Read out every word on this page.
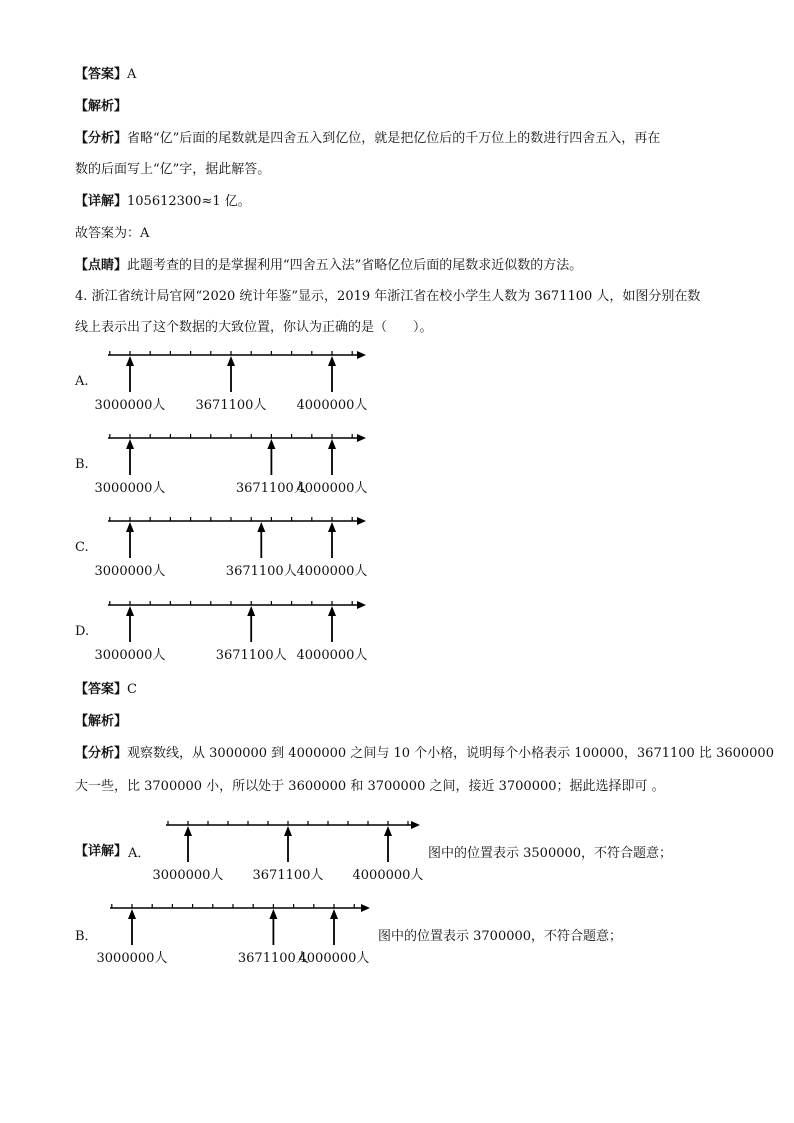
【答案】A
【解析】
【分析】省略“亿”后面的尾数就是四舍五入到亿位，就是把亿位后的千万位上的数进行四舍五入，再在
数的后面写上“亿”字，据此解答。
【详解】105612300≈1 亿。
故答案为：A
【点睛】此题考查的目的是掌握利用“四舍五入法”省略亿位后面的尾数求近似数的方法。
4. 浙江省统计局官网“2020 统计年鉴”显示，2019 年浙江省在校小学生人数为 3671100 人，如图分别在数
线上表示出了这个数据的大致位置，你认为正确的是（　　）。
A.
3000000人 3671100人 4000000人
B.
3000000人	3671100人
4000000人
C.
3000000人	3671100人 4000000人
D.
3000000人	3671100人 4000000人
【答案】C
【解析】
【分析】观察数线，从 3000000 到 4000000 之间与 10 个小格，说明每个小格表示 100000，3671100 比 3600000
大一些，比 3700000 小，所以处于 3600000 和 3700000 之间，接近 3700000；据此选择即可 。
【详解】 A．
3000000人 3671100人 4000000人
图中的位置表示 3500000，不符合题意；
B．
3000000人	3671100人
4000000人
图中的位置表示 3700000，不符合题意；
